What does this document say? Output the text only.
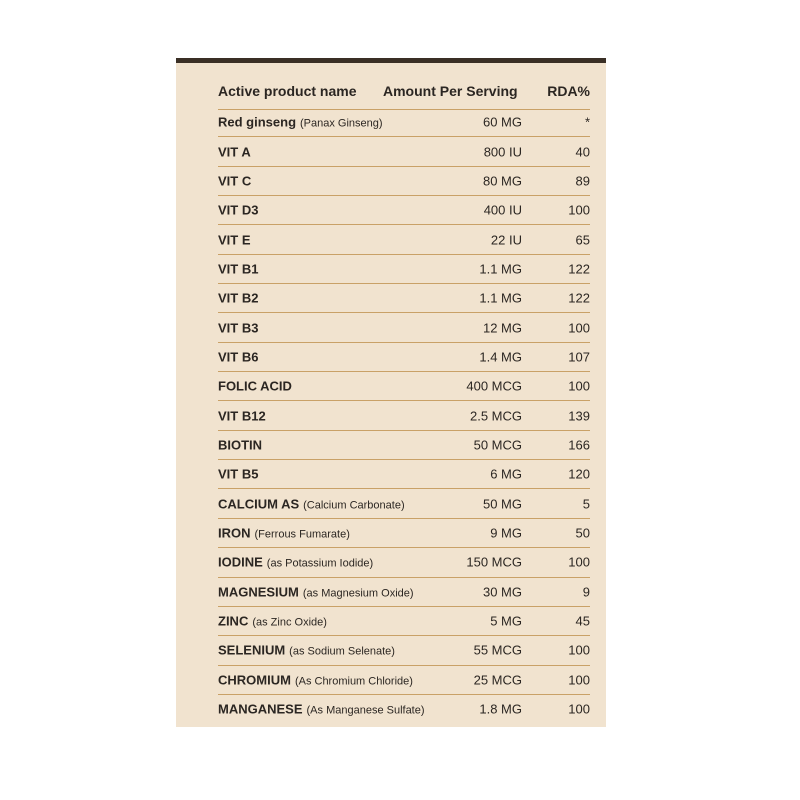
Active product name Amount Per Serving RDA%
Red ginseng (Panax Ginseng)	60 MG	*
VIT A	800 IU	40
VIT C	80 MG	89
VIT D3	400 IU	100
VIT E	22 IU	65
VIT B1	1.1 MG	122
VIT B2	1.1 MG	122
VIT B3	12 MG	100
VIT B6	1.4 MG	107
FOLIC ACID	400 MCG	100
VIT B12	2.5 MCG	139
BIOTIN	50 MCG	166
VIT B5	6 MG	120
CALCIUM AS (Calcium Carbonate)	50 MG	5
IRON (Ferrous Fumarate)	9 MG	50
IODINE (as Potassium Iodide)	150 MCG	100
MAGNESIUM (as Magnesium Oxide)	30 MG	9
ZINC (as Zinc Oxide)	5 MG	45
SELENIUM (as Sodium Selenate)	55 MCG	100
CHROMIUM (As Chromium Chloride)	25 MCG	100
MANGANESE (As Manganese Sulfate)	1.8 MG	100
